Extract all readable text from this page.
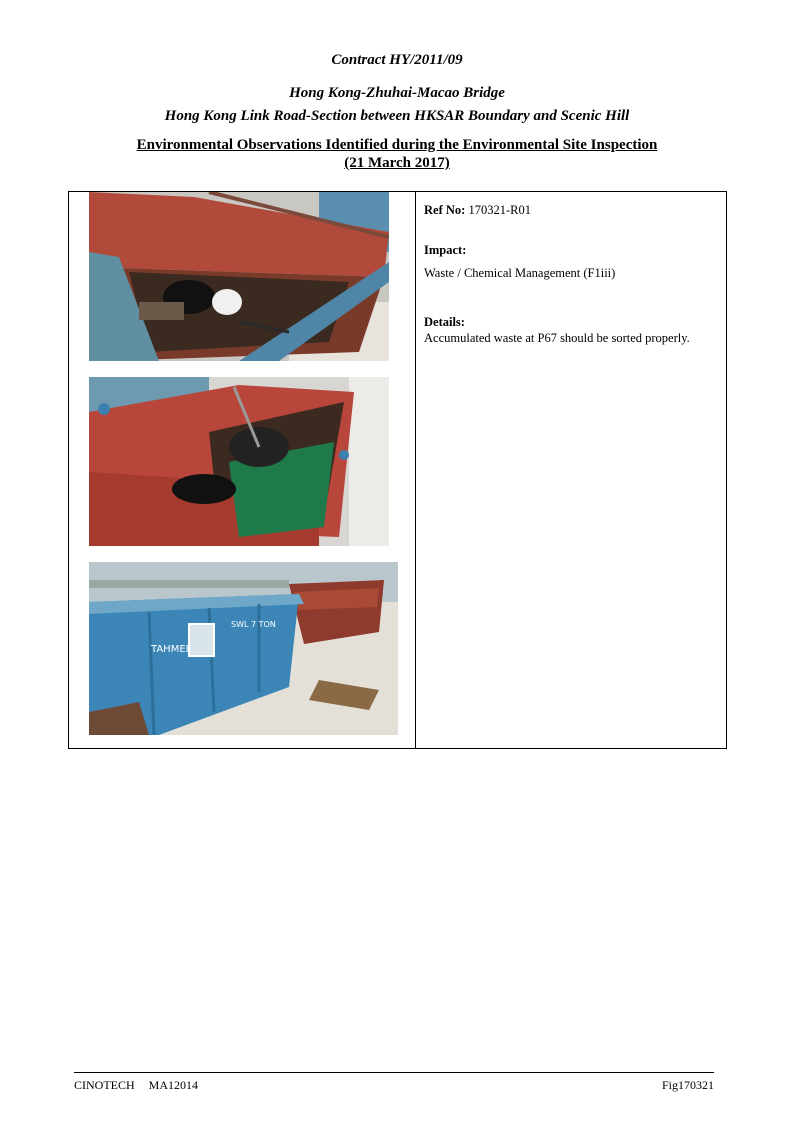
Contract HY/2011/09
Hong Kong-Zhuhai-Macao Bridge
Hong Kong Link Road-Section between HKSAR Boundary and Scenic Hill
Environmental Observations Identified during the Environmental Site Inspection
(21 March 2017)
TAHMEE
SWL 7 TON
Ref No: 170321-R01
Impact:
Waste / Chemical Management (F1iii)
Details:
Accumulated waste at P67 should be sorted properly.
CINOTECH MA12014	Fig170321
